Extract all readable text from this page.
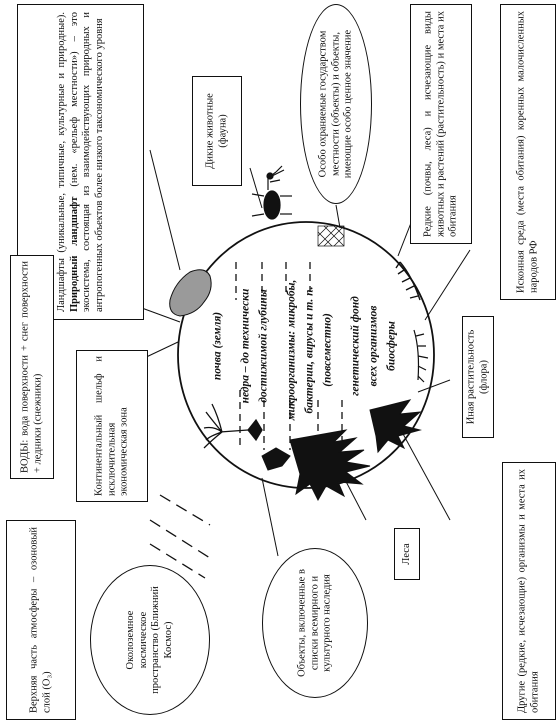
Ландшафты (уникальные, типичные, культурные и природные). Природный ландшафт (нем. «рельеф местности») – это экосистема, состоящая из взаимодействующих природных и антропогенных объектов более низкого таксономического уровня	Дикие животные (фауна)	Особо охраняемые государством местности (объекты) и объекты, имеющие особо ценное значение	Редкие (почвы, леса) и исчезающие виды животных и растений (растительность) и места их обитания	Исконная среда (места обитания) коренных малочисленных народов РФ
ВОДЫ: вода поверхности + снег поверхности + ледники (снежники)	Континентальный шельф и исключительная экономическая зона
Иная растительность (флора)
Верхняя часть атмосферы – озоновый слой (O₃)
Околоземное космическое пространство (Ближний Космос)	Объекты, включенные в списки всемирного и культурного наследия
Леса	Другие (редкие, исчезающие) организмы и места их обитания
почва (земля) недра – до технически достижимой глубины микроорганизмы: микробы, бактерии, вирусы и т. п. (повсеместно) генетический фонд всех организмов биосферы
